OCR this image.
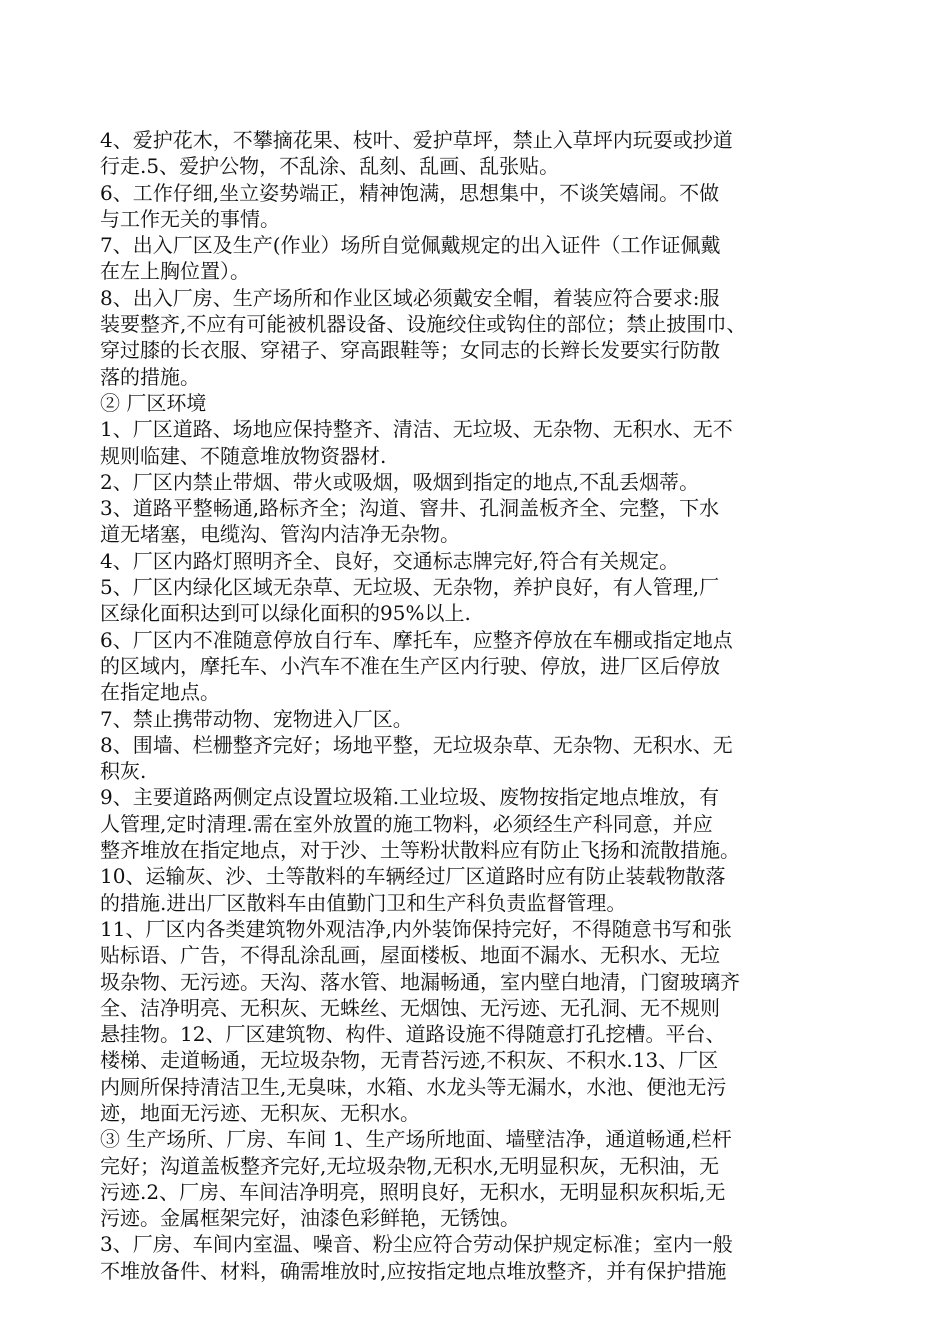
4、爱护花木，不攀摘花果、枝叶、爱护草坪，禁止入草坪内玩耍或抄道
行走.5、爱护公物，不乱涂、乱刻、乱画、乱张贴。

6、工作仔细,坐立姿势端正，精神饱满，思想集中，不谈笑嬉闹。不做
与工作无关的事情。

7、出入厂区及生产(作业）场所自觉佩戴规定的出入证件（工作证佩戴
在左上胸位置）。

8、出入厂房、生产场所和作业区域必须戴安全帽，着装应符合要求:服
装要整齐,不应有可能被机器设备、设施绞住或钩住的部位；禁止披围巾、
穿过膝的长衣服、穿裙子、穿高跟鞋等；女同志的长辫长发要实行防散
落的措施。

② 厂区环境

1、厂区道路、场地应保持整齐、清洁、无垃圾、无杂物、无积水、无不
规则临建、不随意堆放物资器材.

2、厂区内禁止带烟、带火或吸烟，吸烟到指定的地点,不乱丢烟蒂。

3、道路平整畅通,路标齐全；沟道、窨井、孔洞盖板齐全、完整，下水
道无堵塞，电缆沟、管沟内洁净无杂物。

4、厂区内路灯照明齐全、良好，交通标志牌完好,符合有关规定。

5、厂区内绿化区域无杂草、无垃圾、无杂物，养护良好，有人管理,厂
区绿化面积达到可以绿化面积的95%以上.

6、厂区内不准随意停放自行车、摩托车，应整齐停放在车棚或指定地点
的区域内，摩托车、小汽车不准在生产区内行驶、停放，进厂区后停放
在指定地点。

7、禁止携带动物、宠物进入厂区。

8、围墙、栏栅整齐完好；场地平整，无垃圾杂草、无杂物、无积水、无
积灰.

9、主要道路两侧定点设置垃圾箱.工业垃圾、废物按指定地点堆放，有
人管理,定时清理.需在室外放置的施工物料，必须经生产科同意，并应
整齐堆放在指定地点，对于沙、土等粉状散料应有防止飞扬和流散措施。

10、运输灰、沙、土等散料的车辆经过厂区道路时应有防止装载物散落
的措施.进出厂区散料车由值勤门卫和生产科负责监督管理。

11、厂区内各类建筑物外观洁净,内外装饰保持完好，不得随意书写和张
贴标语、广告，不得乱涂乱画，屋面楼板、地面不漏水、无积水、无垃
圾杂物、无污迹。天沟、落水管、地漏畅通，室内壁白地清，门窗玻璃齐
全、洁净明亮、无积灰、无蛛丝、无烟蚀、无污迹、无孔洞、无不规则
悬挂物。12、厂区建筑物、构件、道路设施不得随意打孔挖槽。平台、
楼梯、走道畅通，无垃圾杂物，无青苔污迹,不积灰、不积水.13、厂区
内厕所保持清洁卫生,无臭味，水箱、水龙头等无漏水，水池、便池无污
迹，地面无污迹、无积灰、无积水。

③ 生产场所、厂房、车间 1、生产场所地面、墙壁洁净，通道畅通,栏杆
完好；沟道盖板整齐完好,无垃圾杂物,无积水,无明显积灰，无积油，无
污迹.2、厂房、车间洁净明亮，照明良好，无积水，无明显积灰积垢,无
污迹。金属框架完好，油漆色彩鲜艳，无锈蚀。

3、厂房、车间内室温、噪音、粉尘应符合劳动保护规定标准；室内一般
不堆放备件、材料，确需堆放时,应按指定地点堆放整齐，并有保护措施
